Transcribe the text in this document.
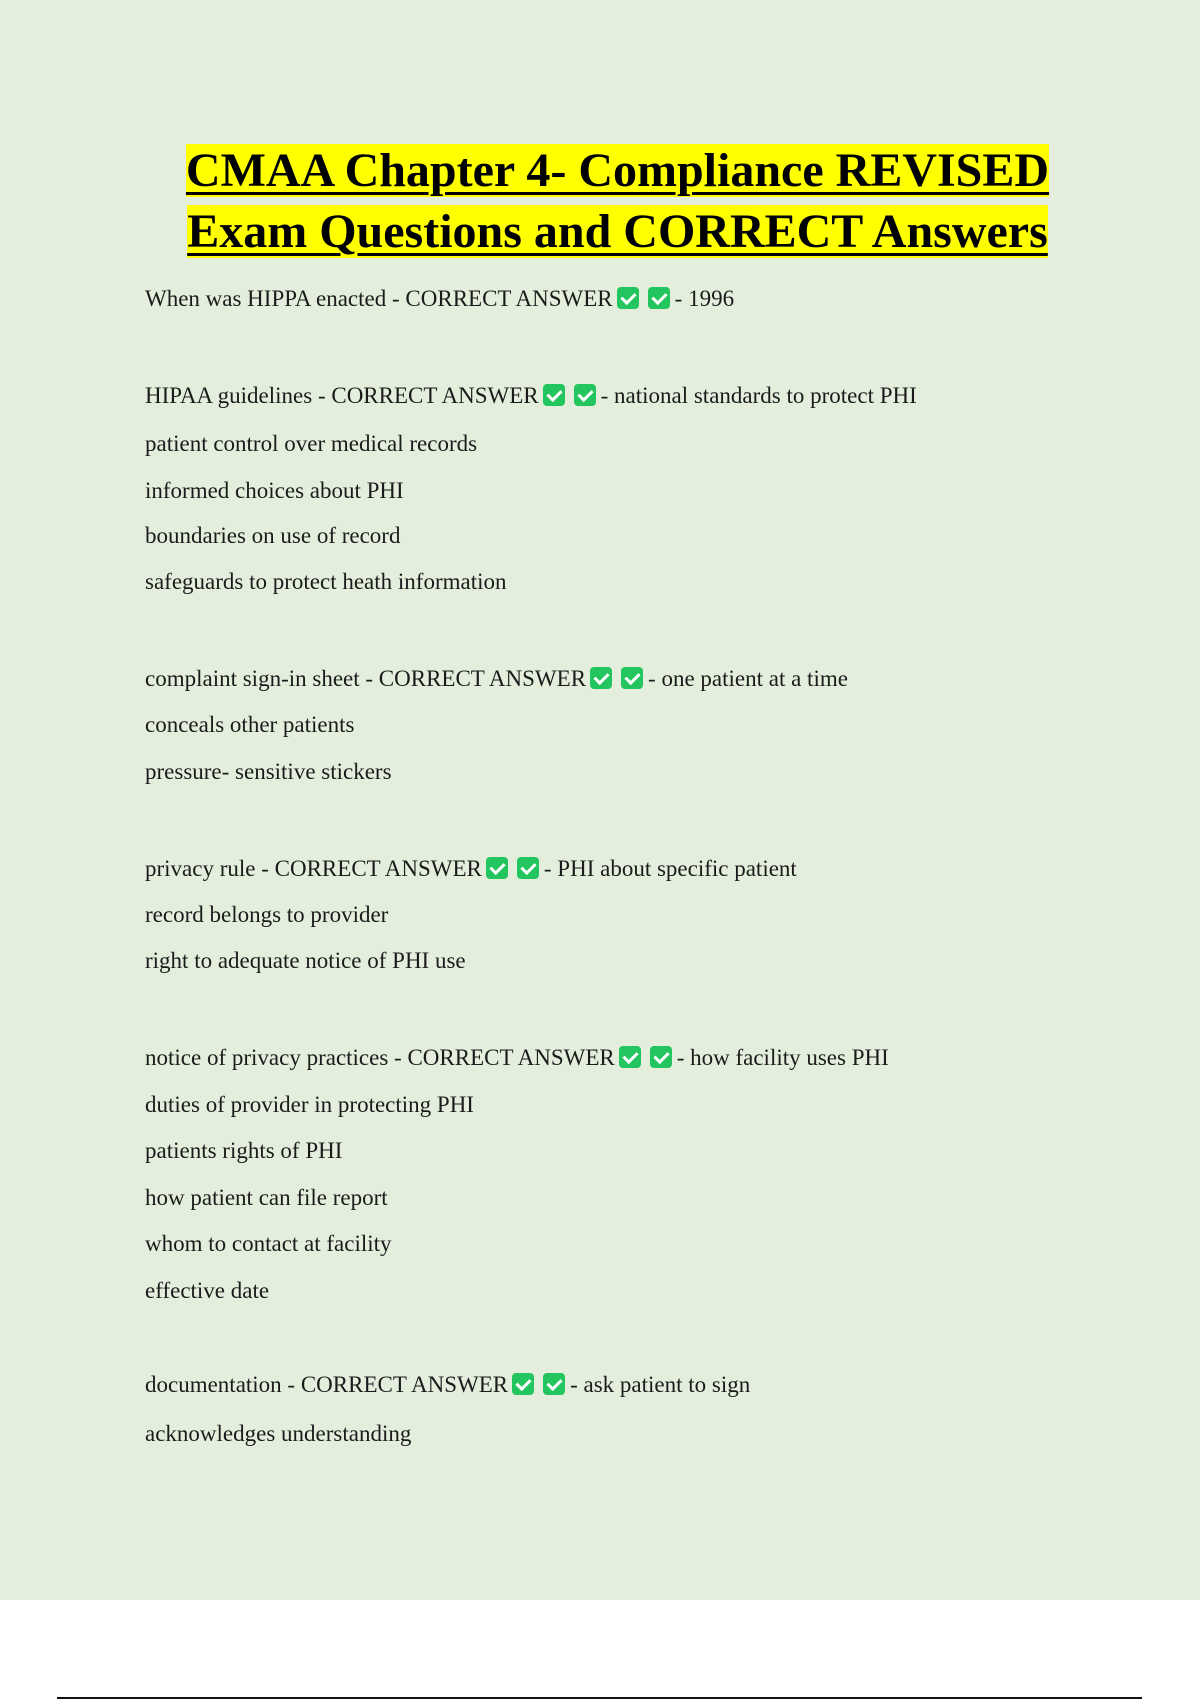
CMAA Chapter 4- Compliance REVISED
Exam Questions and CORRECT Answers
When was HIPPA enacted - CORRECT ANSWER	- 1996
HIPAA guidelines - CORRECT ANSWER	- national standards to protect PHI
patient control over medical records
informed choices about PHI
boundaries on use of record
safeguards to protect heath information
complaint sign-in sheet - CORRECT ANSWER	- one patient at a time
conceals other patients
pressure- sensitive stickers
privacy rule - CORRECT ANSWER	- PHI about specific patient
record belongs to provider
right to adequate notice of PHI use
notice of privacy practices - CORRECT ANSWER	- how facility uses PHI
duties of provider in protecting PHI
patients rights of PHI
how patient can file report
whom to contact at facility
effective date
documentation - CORRECT ANSWER	- ask patient to sign
acknowledges understanding
